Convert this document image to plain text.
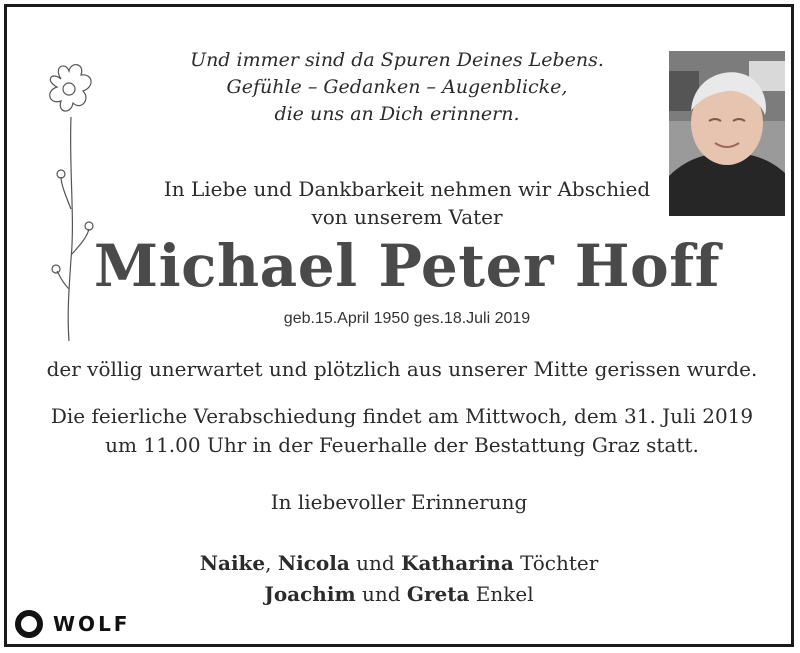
Und immer sind da Spuren Deines Lebens.
Gefühle – Gedanken – Augenblicke,
die uns an Dich erinnern.
In Liebe und Dankbarkeit nehmen wir Abschied
von unserem Vater
Michael Peter Hoff
geb.15.April 1950 ges.18.Juli 2019
der völlig unerwartet und plötzlich aus unserer Mitte gerissen wurde.
Die feierliche Verabschiedung findet am Mittwoch, dem 31. Juli 2019
um 11.00 Uhr in der Feuerhalle der Bestattung Graz statt.
In liebevoller Erinnerung
Naike, Nicola und Katharina Töchter
Joachim und Greta Enkel
WOLF
